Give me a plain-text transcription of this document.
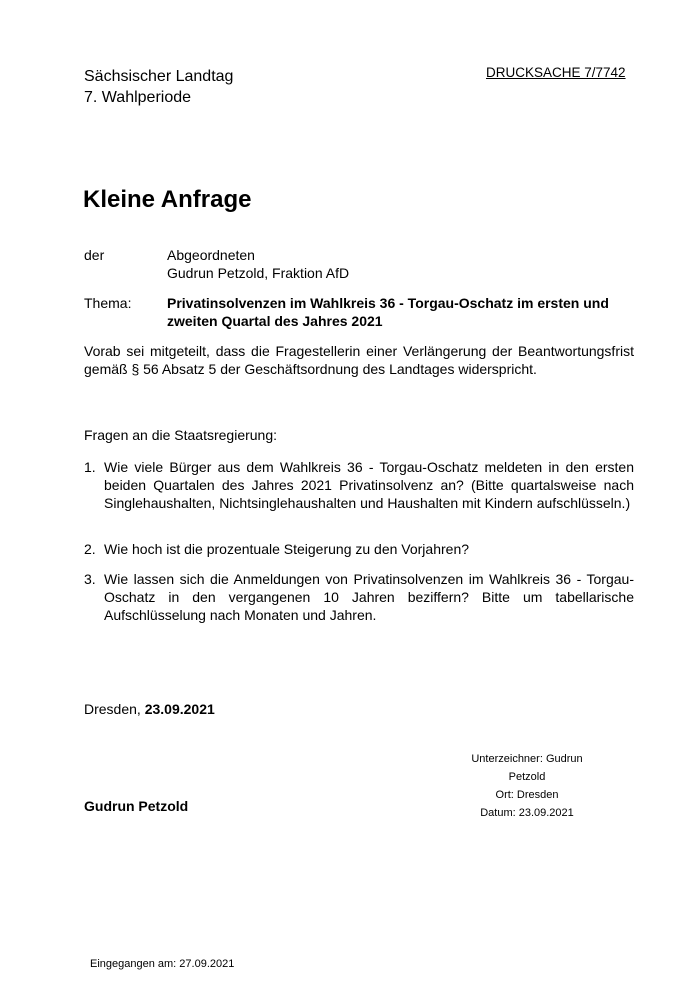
Sächsischer Landtag
7. Wahlperiode
DRUCKSACHE 7/7742
Kleine Anfrage
der	Abgeordneten
Gudrun Petzold, Fraktion AfD
Thema:	Privatinsolvenzen im Wahlkreis 36 - Torgau-Oschatz im ersten und zweiten Quartal des Jahres 2021
Vorab sei mitgeteilt, dass die Fragestellerin einer Verlängerung der Beantwortungsfrist gemäß § 56 Absatz 5 der Geschäftsordnung des Landtages widerspricht.
Fragen an die Staatsregierung:
1. Wie viele Bürger aus dem Wahlkreis 36 - Torgau-Oschatz meldeten in den ersten beiden Quartalen des Jahres 2021 Privatinsolvenz an? (Bitte quartalsweise nach Singlehaushalten, Nichtsinglehaushalten und Haushalten mit Kindern aufschlüsseln.)
2. Wie hoch ist die prozentuale Steigerung zu den Vorjahren?
3. Wie lassen sich die Anmeldungen von Privatinsolvenzen im Wahlkreis 36 - Torgau-Oschatz in den vergangenen 10 Jahren beziffern? Bitte um tabellarische Aufschlüsselung nach Monaten und Jahren.
Dresden, 23.09.2021
Unterzeichner: Gudrun
Petzold
Ort: Dresden
Datum: 23.09.2021
Gudrun Petzold
Eingegangen am: 27.09.2021
